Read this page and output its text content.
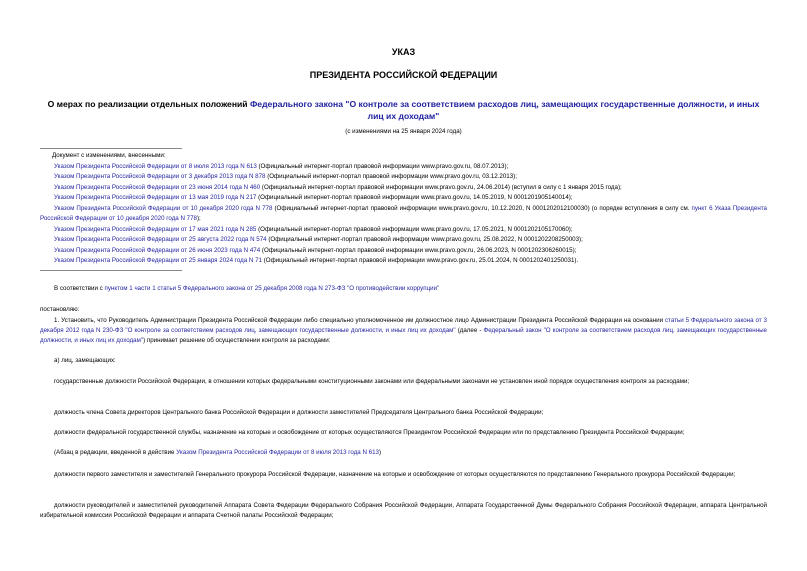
УКАЗ
ПРЕЗИДЕНТА РОССИЙСКОЙ ФЕДЕРАЦИИ
О мерах по реализации отдельных положений Федерального закона "О контроле за соответствием расходов лиц, замещающих государственные должности, и иных лиц их доходам"
(с изменениями на 25 января 2024 года)
Документ с изменениями, внесенными:
Указом Президента Российской Федерации от 8 июля 2013 года N 613 (Официальный интернет-портал правовой информации www.pravo.gov.ru, 08.07.2013);
Указом Президента Российской Федерации от 3 декабря 2013 года N 878 (Официальный интернет-портал правовой информации www.pravo.gov.ru, 03.12.2013);
Указом Президента Российской Федерации от 23 июня 2014 года N 460 (Официальный интернет-портал правовой информации www.pravo.gov.ru, 24.06.2014) (вступил в силу с 1 января 2015 года);
Указом Президента Российской Федерации от 13 мая 2019 года N 217 (Официальный интернет-портал правовой информации www.pravo.gov.ru, 14.05.2019, N 0001201905140014);
Указом Президента Российской Федерации от 10 декабря 2020 года N 778 (Официальный интернет-портал правовой информации www.pravo.gov.ru, 10.12.2020, N 0001202012100030) (о порядке вступления в силу см. пункт 6 Указа Президента Российской Федерации от 10 декабря 2020 года N 778);
Указом Президента Российской Федерации от 17 мая 2021 года N 285 (Официальный интернет-портал правовой информации www.pravo.gov.ru, 17.05.2021, N 0001202105170060);
Указом Президента Российской Федерации от 25 августа 2022 года N 574 (Официальный интернет-портал правовой информации www.pravo.gov.ru, 25.08.2022, N 0001202208250003);
Указом Президента Российской Федерации от 26 июня 2023 года N 474 (Официальный интернет-портал правовой информации www.pravo.gov.ru, 26.06.2023, N 0001202306260015);
Указом Президента Российской Федерации от 25 января 2024 года N 71 (Официальный интернет-портал правовой информации www.pravo.gov.ru, 25.01.2024, N 0001202401250031).
В соответствии с пунктом 1 части 1 статьи 5 Федерального закона от 25 декабря 2008 года N 273-ФЗ "О противодействии коррупции"
постановляю:
1. Установить, что Руководитель Администрации Президента Российской Федерации либо специально уполномоченное им должностное лицо Администрации Президента Российской Федерации на основании статьи 5 Федерального закона от 3 декабря 2012 года N 230-ФЗ "О контроле за соответствием расходов лиц, замещающих государственные должности, и иных лиц их доходам" (далее - Федеральный закон "О контроле за соответствием расходов лиц, замещающих государственные должности, и иных лиц их доходам") принимает решение об осуществлении контроля за расходами:
а) лиц, замещающих:
государственные должности Российской Федерации, в отношении которых федеральными конституционными законами или федеральными законами не установлен иной порядок осуществления контроля за расходами;
должность члена Совета директоров Центрального банка Российской Федерации и должности заместителей Председателя Центрального банка Российской Федерации;
должности федеральной государственной службы, назначение на которые и освобождение от которых осуществляются Президентом Российской Федерации или по представлению Президента Российской Федерации;
(Абзац в редакции, введенной в действие Указом Президента Российской Федерации от 8 июля 2013 года N 613)
должности первого заместителя и заместителей Генерального прокурора Российской Федерации, назначение на которые и освобождение от которых осуществляются по представлению Генерального прокурора Российской Федерации;
должности руководителей и заместителей руководителей Аппарата Совета Федерации Федерального Собрания Российской Федерации, Аппарата Государственной Думы Федерального Собрания Российской Федерации, аппарата Центральной избирательной комиссии Российской Федерации и аппарата Счетной палаты Российской Федерации;
